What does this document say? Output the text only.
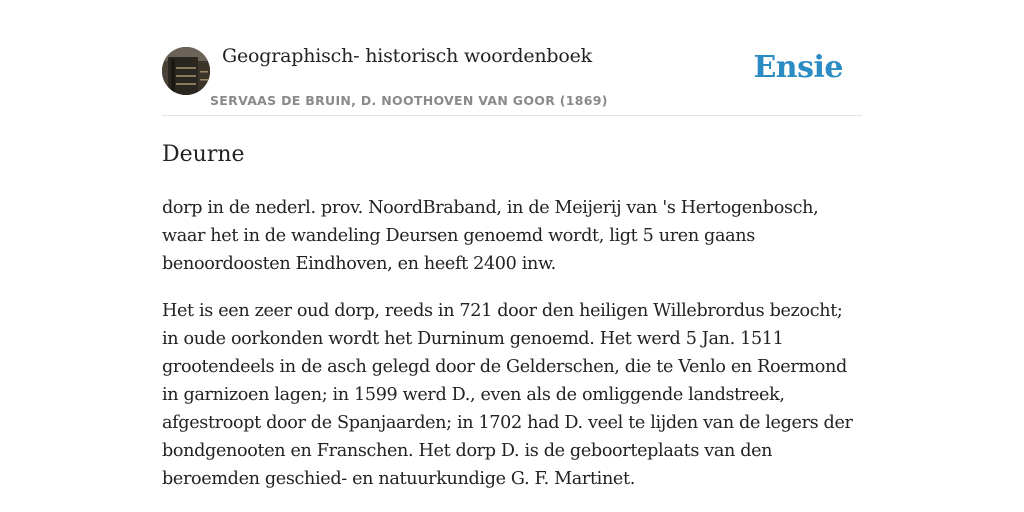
Geographisch- historisch woordenboek
SERVAAS DE BRUIN, D. NOOTHOVEN VAN GOOR (1869)
Ensie
Deurne

dorp in de nederl. prov. NoordBraband, in de Meijerij van 's Hertogenbosch, waar het in de wandeling Deursen genoemd wordt, ligt 5 uren gaans benoordoosten Eindhoven, en heeft 2400 inw.

Het is een zeer oud dorp, reeds in 721 door den heiligen Willebrordus bezocht; in oude oorkonden wordt het Durninum genoemd. Het werd 5 Jan. 1511 grootendeels in de asch gelegd door de Gelderschen, die te Venlo en Roermond in garnizoen lagen; in 1599 werd D., even als de omliggende landstreek, afgestroopt door de Spanjaarden; in 1702 had D. veel te lijden van de legers der bondgenooten en Franschen. Het dorp D. is de geboorteplaats van den beroemden geschied- en natuurkundige G. F. Martinet.
